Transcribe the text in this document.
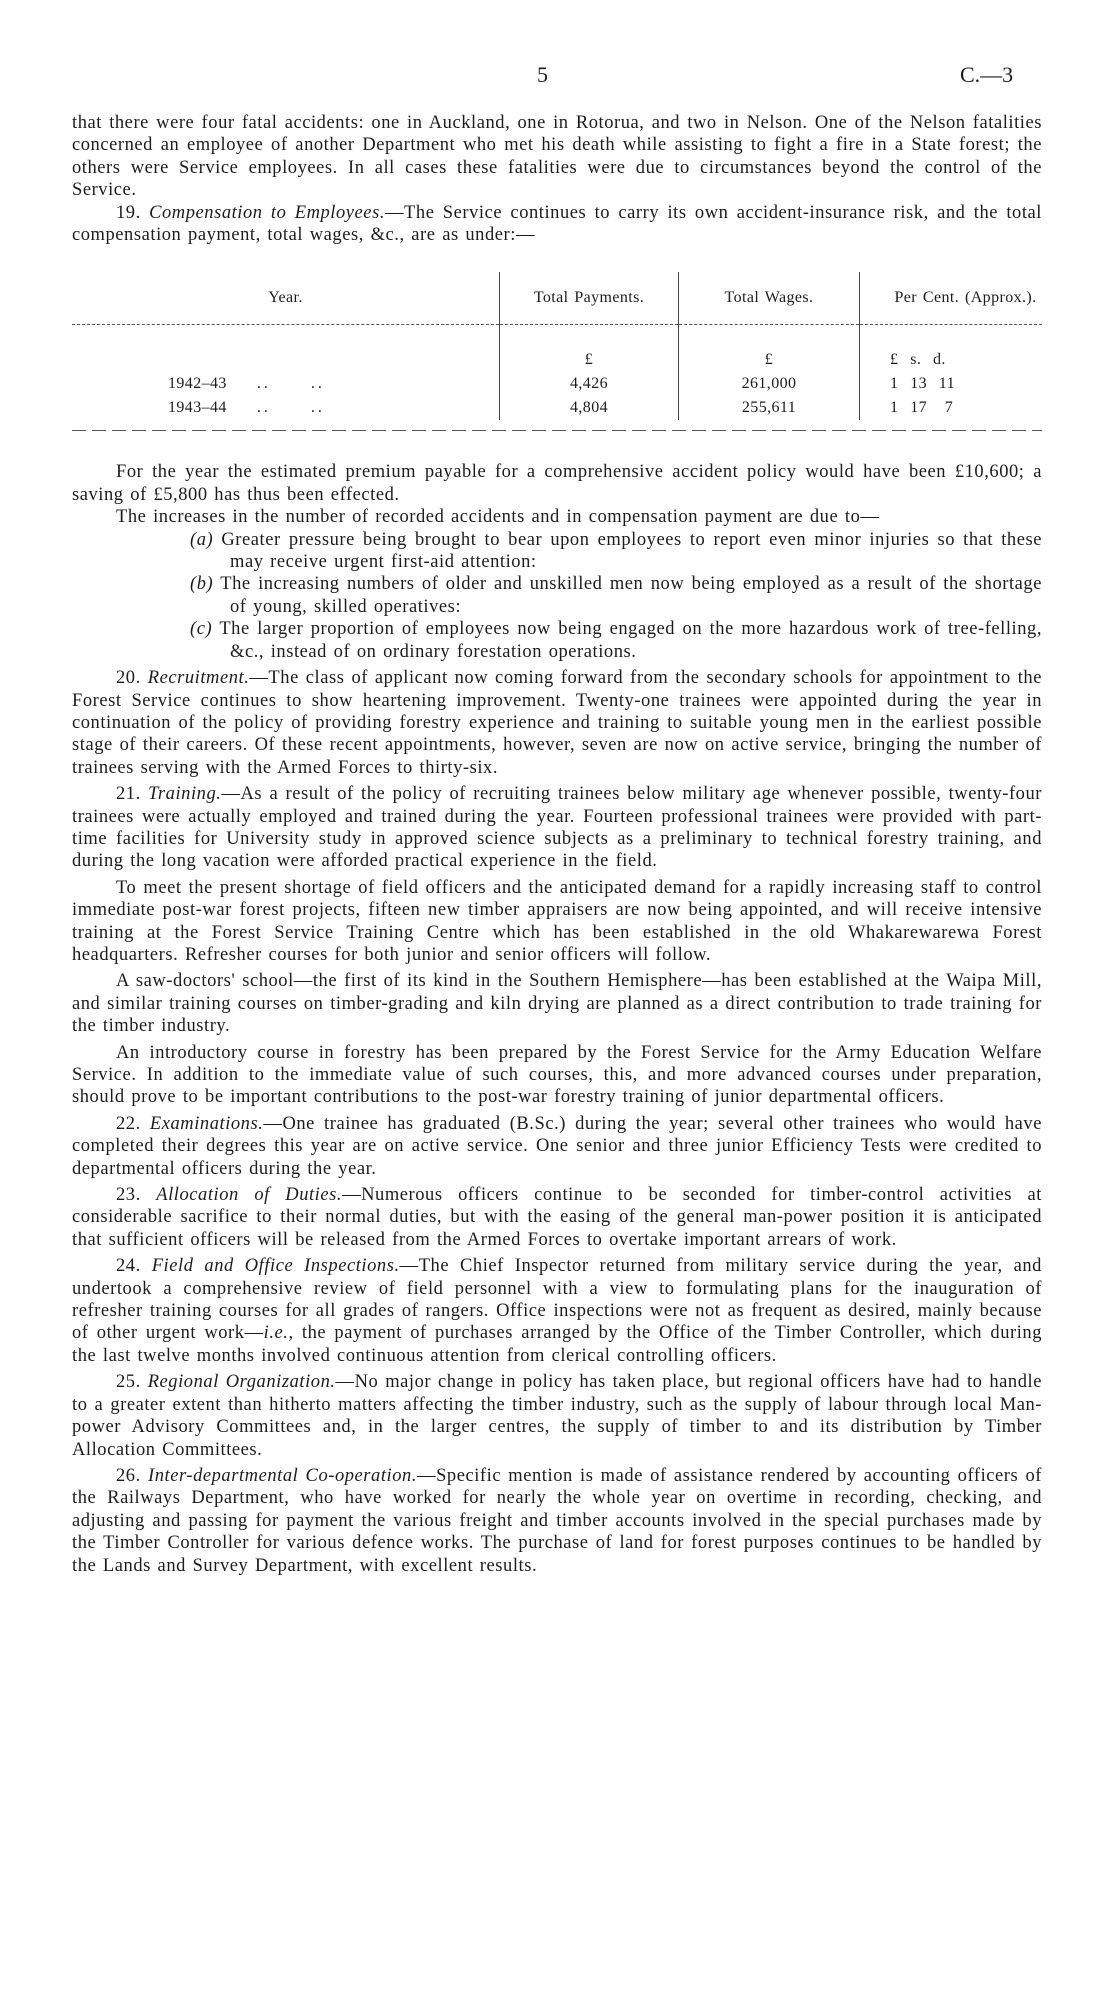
5	C.—3

that there were four fatal accidents: one in Auckland, one in Rotorua, and two in Nelson. One of the Nelson fatalities concerned an employee of another Department who met his death while assisting to fight a fire in a State forest; the others were Service employees. In all cases these fatalities were due to circumstances beyond the control of the Service.

19. Compensation to Employees.—The Service continues to carry its own accident-insurance risk, and the total compensation payment, total wages, &c., are as under:—

Year.	Total Payments.	Total Wages.	Per Cent. (Approx.).
	£	£	£  s.  d.
1942–43 .. ..	4,426	261,000	1  13  11
1943–44 .. ..	4,804	255,611	1  17   7

For the year the estimated premium payable for a comprehensive accident policy would have been £10,600; a saving of £5,800 has thus been effected.

The increases in the number of recorded accidents and in compensation payment are due to—

(a) Greater pressure being brought to bear upon employees to report even minor injuries so that these may receive urgent first-aid attention:

(b) The increasing numbers of older and unskilled men now being employed as a result of the shortage of young, skilled operatives:

(c) The larger proportion of employees now being engaged on the more hazardous work of tree-felling, &c., instead of on ordinary forestation operations.

20. Recruitment.—The class of applicant now coming forward from the secondary schools for appointment to the Forest Service continues to show heartening improvement. Twenty-one trainees were appointed during the year in continuation of the policy of providing forestry experience and training to suitable young men in the earliest possible stage of their careers. Of these recent appointments, however, seven are now on active service, bringing the number of trainees serving with the Armed Forces to thirty-six.

21. Training.—As a result of the policy of recruiting trainees below military age whenever possible, twenty-four trainees were actually employed and trained during the year. Fourteen professional trainees were provided with part-time facilities for University study in approved science subjects as a preliminary to technical forestry training, and during the long vacation were afforded practical experience in the field.

To meet the present shortage of field officers and the anticipated demand for a rapidly increasing staff to control immediate post-war forest projects, fifteen new timber appraisers are now being appointed, and will receive intensive training at the Forest Service Training Centre which has been established in the old Whakarewarewa Forest headquarters. Refresher courses for both junior and senior officers will follow.

A saw-doctors' school—the first of its kind in the Southern Hemisphere—has been established at the Waipa Mill, and similar training courses on timber-grading and kiln drying are planned as a direct contribution to trade training for the timber industry.

An introductory course in forestry has been prepared by the Forest Service for the Army Education Welfare Service. In addition to the immediate value of such courses, this, and more advanced courses under preparation, should prove to be important contributions to the post-war forestry training of junior departmental officers.

22. Examinations.—One trainee has graduated (B.Sc.) during the year; several other trainees who would have completed their degrees this year are on active service. One senior and three junior Efficiency Tests were credited to departmental officers during the year.

23. Allocation of Duties.—Numerous officers continue to be seconded for timber-control activities at considerable sacrifice to their normal duties, but with the easing of the general man-power position it is anticipated that sufficient officers will be released from the Armed Forces to overtake important arrears of work.

24. Field and Office Inspections.—The Chief Inspector returned from military service during the year, and undertook a comprehensive review of field personnel with a view to formulating plans for the inauguration of refresher training courses for all grades of rangers. Office inspections were not as frequent as desired, mainly because of other urgent work—i.e., the payment of purchases arranged by the Office of the Timber Controller, which during the last twelve months involved continuous attention from clerical controlling officers.

25. Regional Organization.—No major change in policy has taken place, but regional officers have had to handle to a greater extent than hitherto matters affecting the timber industry, such as the supply of labour through local Man-power Advisory Committees and, in the larger centres, the supply of timber to and its distribution by Timber Allocation Committees.

26. Inter-departmental Co-operation.—Specific mention is made of assistance rendered by accounting officers of the Railways Department, who have worked for nearly the whole year on overtime in recording, checking, and adjusting and passing for payment the various freight and timber accounts involved in the special purchases made by the Timber Controller for various defence works. The purchase of land for forest purposes continues to be handled by the Lands and Survey Department, with excellent results.
